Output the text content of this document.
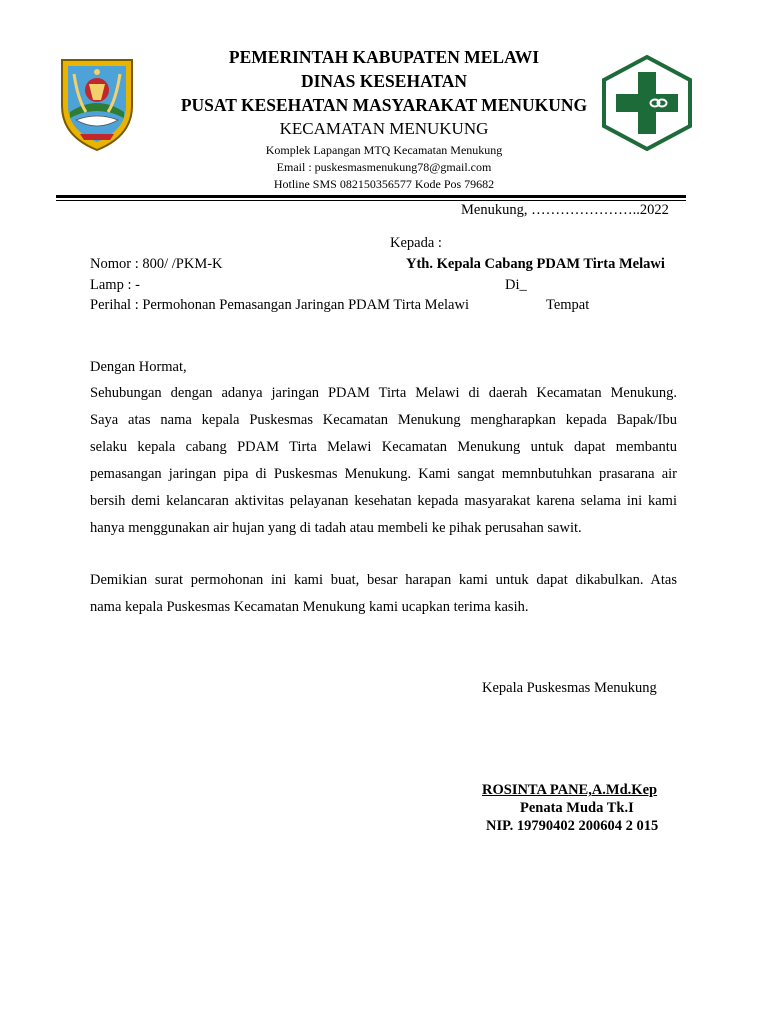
PEMERINTAH KABUPATEN MELAWI
DINAS KESEHATAN
PUSAT KESEHATAN MASYARAKAT MENUKUNG
KECAMATAN MENUKUNG
Komplek Lapangan MTQ Kecamatan Menukung
Email : puskesmasmenukung78@gmail.com
Hotline SMS 082150356577 Kode Pos 79682
Menukung, …………………..2022
Kepada :
Nomor : 800/ /PKM-K	Yth. Kepala Cabang PDAM Tirta Melawi
Lamp : -	Di_
Perihal : Permohonan Pemasangan Jaringan PDAM Tirta Melawi	Tempat
Dengan Hormat,
Sehubungan dengan adanya jaringan PDAM Tirta Melawi di daerah Kecamatan Menukung.
Saya atas nama kepala Puskesmas Kecamatan Menukung mengharapkan kepada Bapak/Ibu
selaku kepala cabang PDAM Tirta Melawi Kecamatan Menukung untuk dapat membantu
pemasangan jaringan pipa di Puskesmas Menukung. Kami sangat memnbutuhkan prasarana air
bersih demi kelancaran aktivitas pelayanan kesehatan kepada masyarakat karena selama ini kami
hanya menggunakan air hujan yang di tadah atau membeli ke pihak perusahan sawit.
Demikian surat permohonan ini kami buat, besar harapan kami untuk dapat dikabulkan. Atas
nama kepala Puskesmas Kecamatan Menukung kami ucapkan terima kasih.
Kepala Puskesmas Menukung
ROSINTA PANE,A.Md.Kep
Penata Muda Tk.I
NIP. 19790402 200604 2 015
